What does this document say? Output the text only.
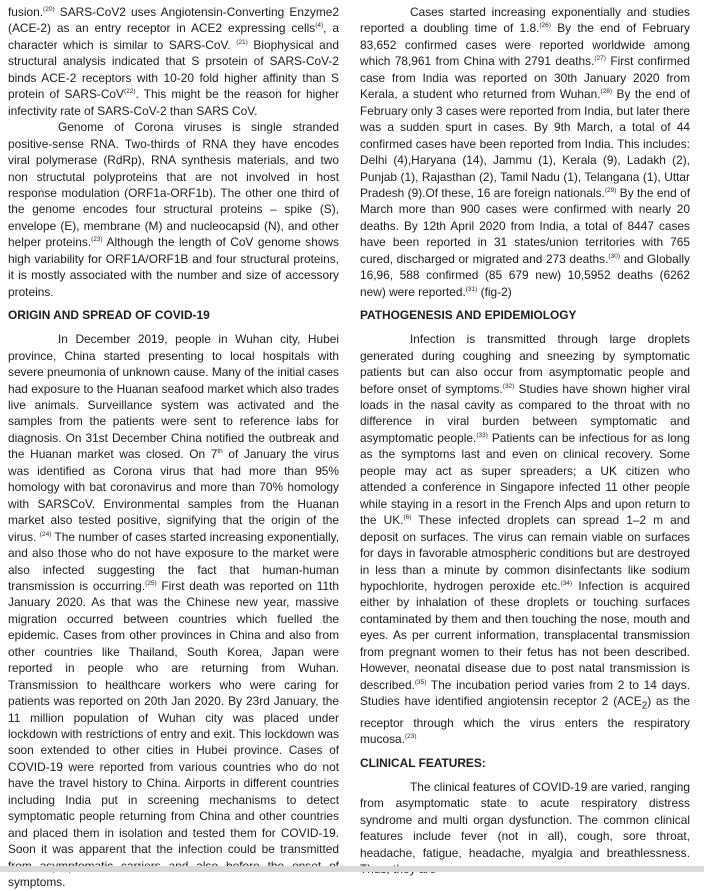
fusion.$^{(20)}$ SARS-CoV2 uses Angiotensin-Converting Enzyme2 (ACE-2) as an entry receptor in ACE2 expressing cells$^{(4)}$, a character which is similar to SARS-CoV. $^{(21)}$ Biophysical and structural analysis indicated that S prsotein of SARS-CoV-2 binds ACE-2 receptors with 10-20 fold higher affinity than S protein of SARS-CoV$^{(22)}$. This might be the reason for higher infectivity rate of SARS-CoV-2 than SARS CoV.

Genome of Corona viruses is single stranded positive-sense RNA. Two-thirds of RNA they have encodes viral polymerase (RdRp), RNA synthesis materials, and two non structutal polyproteins that are not involved in host response modulation (ORF1a-ORF1b). The other one third of the genome encodes four structural proteins – spike (S), envelope (E), membrane (M) and nucleocapsid (N), and other helper proteins.$^{(23)}$ Although the length of CoV genome shows high variability for ORF1A/ORF1B and four structural proteins, it is mostly associated with the number and size of accessory proteins.

ORIGIN AND SPREAD OF COVID-19

In December 2019, people in Wuhan city, Hubei province, China started presenting to local hospitals with severe pneumonia of unknown cause. Many of the initial cases had exposure to the Huanan seafood market which also trades live animals. Surveillance system was activated and the samples from the patients were sent to reference labs for diagnosis. On 31st December China notified the outbreak and the Huanan market was closed. On 7th of January the virus was identified as Corona virus that had more than 95% homology with bat coronavirus and more than 70% homology with SARSCoV. Environmental samples from the Huanan market also tested positive, signifying that the origin of the virus. $^{(24)}$ The number of cases started increasing exponentially, and also those who do not have exposure to the market were also infected suggesting the fact that human-human transmission is occurring.$^{(25)}$ First death was reported on 11th January 2020. As that was the Chinese new year, massive migration occurred between countries which fuelled the epidemic. Cases from other provinces in China and also from other countries like Thailand, South Korea, Japan were reported in people who are returning from Wuhan. Transmission to healthcare workers who were caring for patients was reported on 20th Jan 2020. By 23rd January, the 11 million population of Wuhan city was placed under lockdown with restrictions of entry and exit. This lockdown was soon extended to other cities in Hubei province. Cases of COVID-19 were reported from various countries who do not have the travel history to China. Airports in different countries including India put in screening mechanisms to detect symptomatic people returning from China and other countries and placed them in isolation and tested them for COVID-19. Soon it was apparent that the infection could be transmitted symptoms.

Cases started increasing exponentially and studies reported a doubling time of 1.8.$^{(26)}$ By the end of February 83,652 confirmed cases were reported worldwide among which 78,961 from China with 2791 deaths.$^{(27)}$ First confirmed case from India was reported on 30th January 2020 from Kerala, a student who returned from Wuhan.$^{(28)}$ By the end of February only 3 cases were reported from India, but later there was a sudden spurt in cases. By 9th March, a total of 44 confirmed cases have been reported from India. This includes: Delhi (4),Haryana (14), Jammu (1), Kerala (9), Ladakh (2), Punjab (1), Rajasthan (2), Tamil Nadu (1), Telangana (1), Uttar Pradesh (9).Of these, 16 are foreign nationals.$^{(29)}$ By the end of March more than 900 cases were confirmed with nearly 20 deaths. By 12th April 2020 from India, a total of 8447 cases have been reported in 31 states/union territories with 765 cured, discharged or migrated and 273 deaths.$^{(30)}$ and Globally 16,96, 588 confirmed (85 679 new) 10,5952 deaths (6262 new) were reported.$^{(31)}$ (fig-2)

PATHOGENESIS AND EPIDEMIOLOGY

Infection is transmitted through large droplets generated during coughing and sneezing by symptomatic patients but can also occur from asymptomatic people and before onset of symptoms.$^{(32)}$ Studies have shown higher viral loads in the nasal cavity as compared to the throat with no difference in viral burden between symptomatic and asymptomatic people.$^{(33)}$ Patients can be infectious for as long as the symptoms last and even on clinical recovery. Some people may act as super spreaders; a UK citizen who attended a conference in Singapore infected 11 other people while staying in a resort in the French Alps and upon return to the UK.$^{(6)}$ These infected droplets can spread 1–2 m and deposit on surfaces. The virus can remain viable on surfaces for days in favorable atmospheric conditions but are destroyed in less than a minute by common disinfectants like sodium hypochlorite, hydrogen peroxide etc.$^{(34)}$ Infection is acquired either by inhalation of these droplets or touching surfaces contaminated by them and then touching the nose, mouth and eyes. As per current information, transplacental transmission from pregnant women to their fetus has not been described. However, neonatal disease due to post natal transmission is described.$^{(35)}$ The incubation period varies from 2 to 14 days. Studies have identified angiotensin receptor 2 $(ACE_2)$ as the receptor through which the virus enters the respiratory mucosa.$^{(23)}$

CLINICAL FEATURES:

The clinical features of COVID-19 are varied, ranging from asymptomatic state to acute respiratory distress syndrome and multi organ dysfunction. The common clinical features include fever (not in all), cough, sore throat, headache, fatigue, headache, myalgia and breathlessness.
